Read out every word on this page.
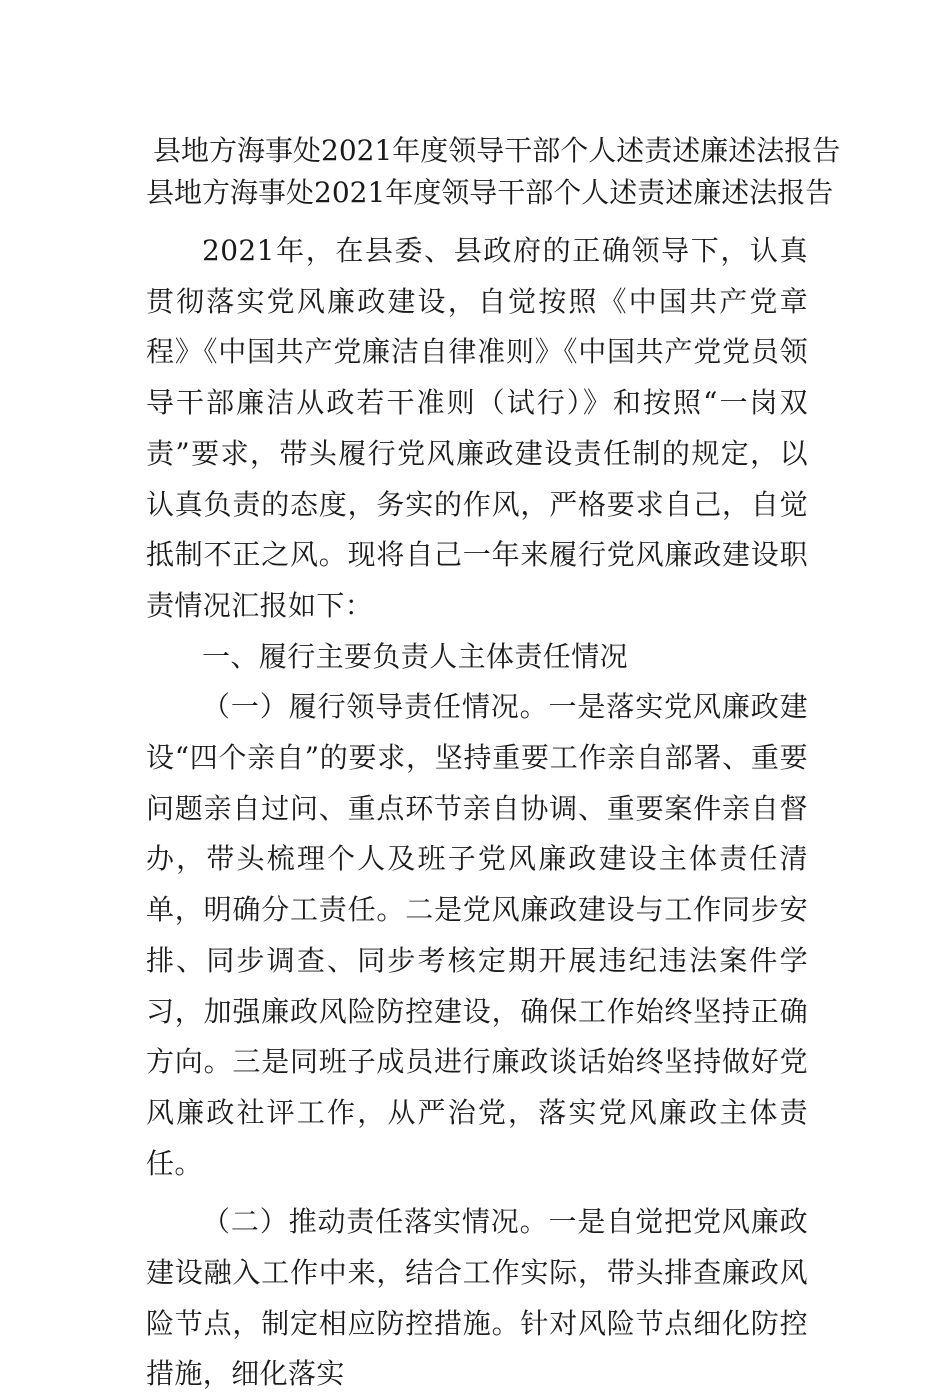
县地方海事处2021年度领导干部个人述责述廉述法报告
县地方海事处2021年度领导干部个人述责述廉述法报告

2021年，在县委、县政府的正确领导下，认真贯彻落实党风廉政建设，自觉按照《中国共产党章程》《中国共产党廉洁自律准则》《中国共产党党员领导干部廉洁从政若干准则（试行）》和按照“一岗双责”要求，带头履行党风廉政建设责任制的规定，以认真负责的态度，务实的作风，严格要求自己，自觉抵制不正之风。现将自己一年来履行党风廉政建设职责情况汇报如下：

一、履行主要负责人主体责任情况

（一）履行领导责任情况。一是落实党风廉政建设“四个亲自”的要求，坚持重要工作亲自部署、重要问题亲自过问、重点环节亲自协调、重要案件亲自督办，带头梳理个人及班子党风廉政建设主体责任清单，明确分工责任。二是党风廉政建设与工作同步安排、同步调查、同步考核定期开展违纪违法案件学习，加强廉政风险防控建设，确保工作始终坚持正确方向。三是同班子成员进行廉政谈话始终坚持做好党风廉政社评工作，从严治党，落实党风廉政主体责任。

（二）推动责任落实情况。一是自觉把党风廉政建设融入工作中来，结合工作实际，带头排查廉政风险节点，制定相应防控措施。针对风险节点细化防控措施，细化落实
